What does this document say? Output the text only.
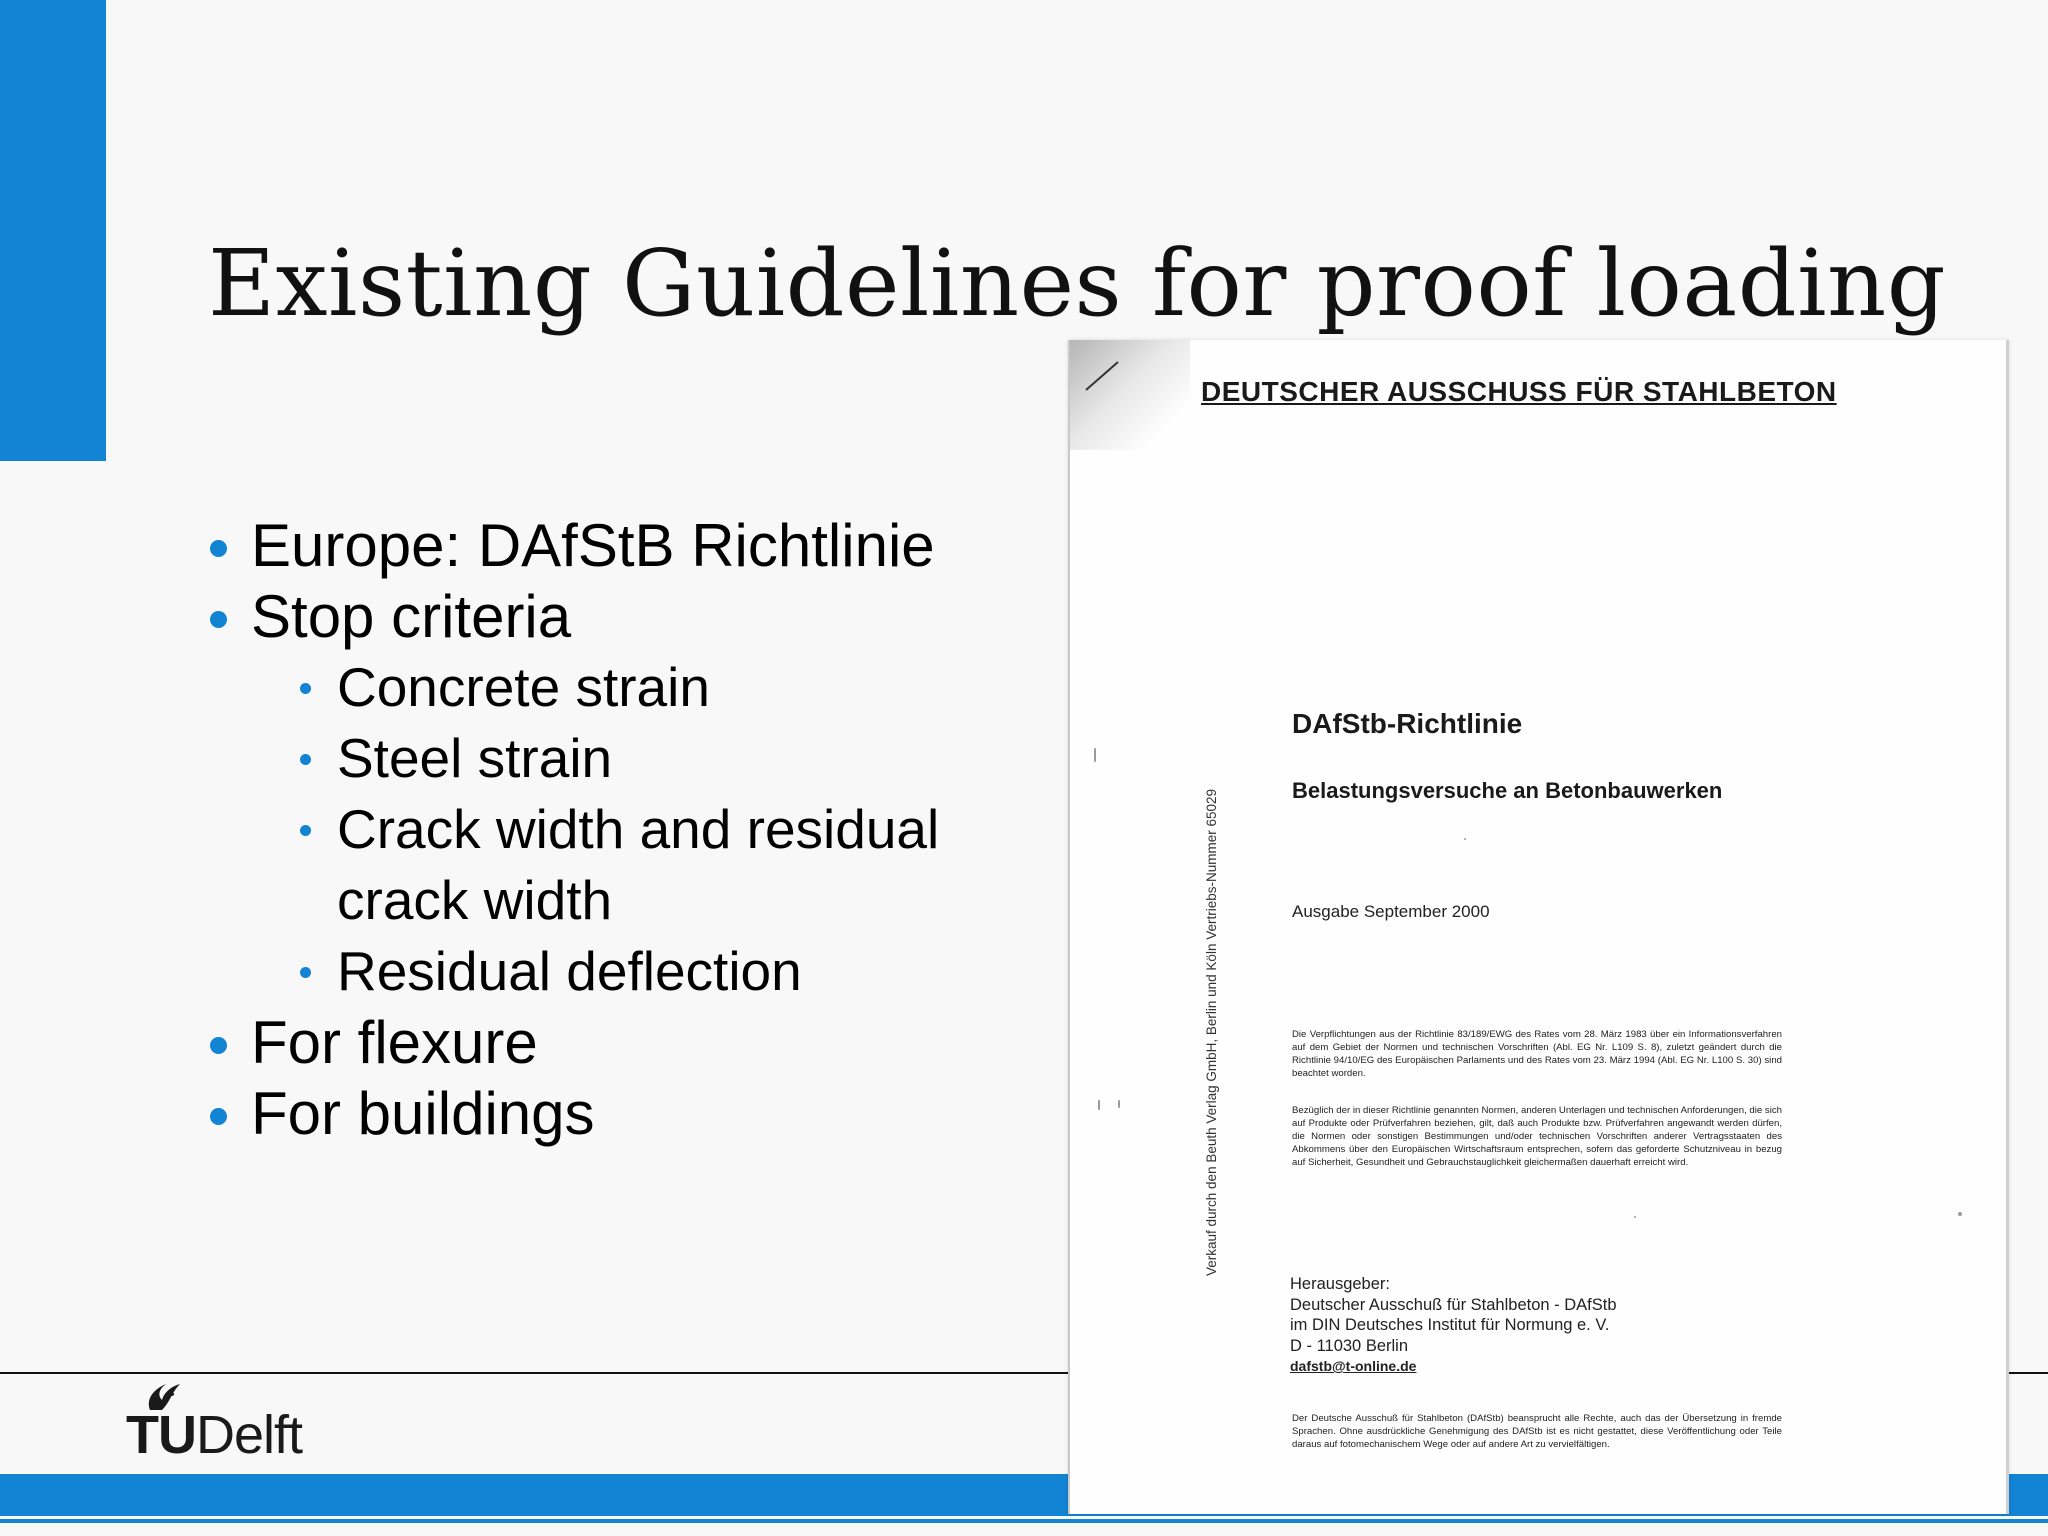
Existing Guidelines for proof loading
Europe: DAfStB Richtlinie
Stop criteria
Concrete strain
Steel strain
Crack width and residual crack width
Residual deflection
For flexure
For buildings
TUDelft
DEUTSCHER AUSSCHUSS FÜR STAHLBETON
Verkauf durch den Beuth Verlag GmbH, Berlin und Köln Vertriebs-Nummer 65029
DAfStb-Richtlinie
Belastungsversuche an Betonbauwerken
Ausgabe September 2000
Die Verpflichtungen aus der Richtlinie 83/189/EWG des Rates vom 28. März 1983 über ein Informationsverfahren auf dem Gebiet der Normen und technischen Vorschriften (Abl. EG Nr. L109 S. 8), zuletzt geändert durch die Richtlinie 94/10/EG des Europäischen Parlaments und des Rates vom 23. März 1994 (Abl. EG Nr. L100 S. 30) sind beachtet worden.
Bezüglich der in dieser Richtlinie genannten Normen, anderen Unterlagen und technischen Anforderungen, die sich auf Produkte oder Prüfverfahren beziehen, gilt, daß auch Produkte bzw. Prüfverfahren angewandt werden dürfen, die Normen oder sonstigen Bestimmungen und/oder technischen Vorschriften anderer Vertragsstaaten des Abkommens über den Europäischen Wirtschaftsraum entsprechen, sofern das geforderte Schutzniveau in bezug auf Sicherheit, Gesundheit und Gebrauchstauglichkeit gleichermaßen dauerhaft erreicht wird.
Herausgeber:
Deutscher Ausschuß für Stahlbeton - DAfStb
im DIN Deutsches Institut für Normung e. V.
D - 11030 Berlin
dafstb@t-online.de
Der Deutsche Ausschuß für Stahlbeton (DAfStb) beansprucht alle Rechte, auch das der Übersetzung in fremde Sprachen. Ohne ausdrückliche Genehmigung des DAfStb ist es nicht gestattet, diese Veröffentlichung oder Teile daraus auf fotomechanischem Wege oder auf andere Art zu vervielfältigen.
